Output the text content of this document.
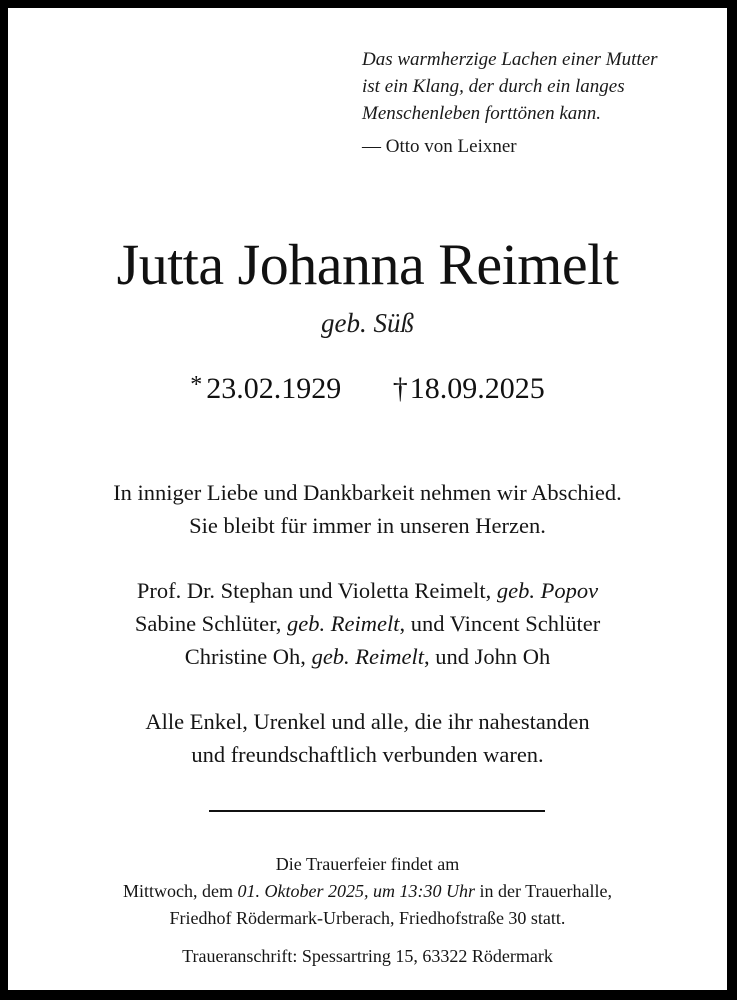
Das warmherzige Lachen einer Mutter
ist ein Klang, der durch ein langes
Menschenleben forttönen kann.
— Otto von Leixner
Jutta Johanna Reimelt
geb. Süß
* 23.02.1929 †18.09.2025
In inniger Liebe und Dankbarkeit nehmen wir Abschied.
Sie bleibt für immer in unseren Herzen.
Prof. Dr. Stephan und Violetta Reimelt, geb. Popov
Sabine Schlüter, geb. Reimelt, und Vincent Schlüter
Christine Oh, geb. Reimelt, und John Oh
Alle Enkel, Urenkel und alle, die ihr nahestanden
und freundschaftlich verbunden waren.
Die Trauerfeier findet am
Mittwoch, dem 01. Oktober 2025, um 13:30 Uhr in der Trauerhalle,
Friedhof Rödermark-Urberach, Friedhofstraße 30 statt.
Traueranschrift: Spessartring 15, 63322 Rödermark
